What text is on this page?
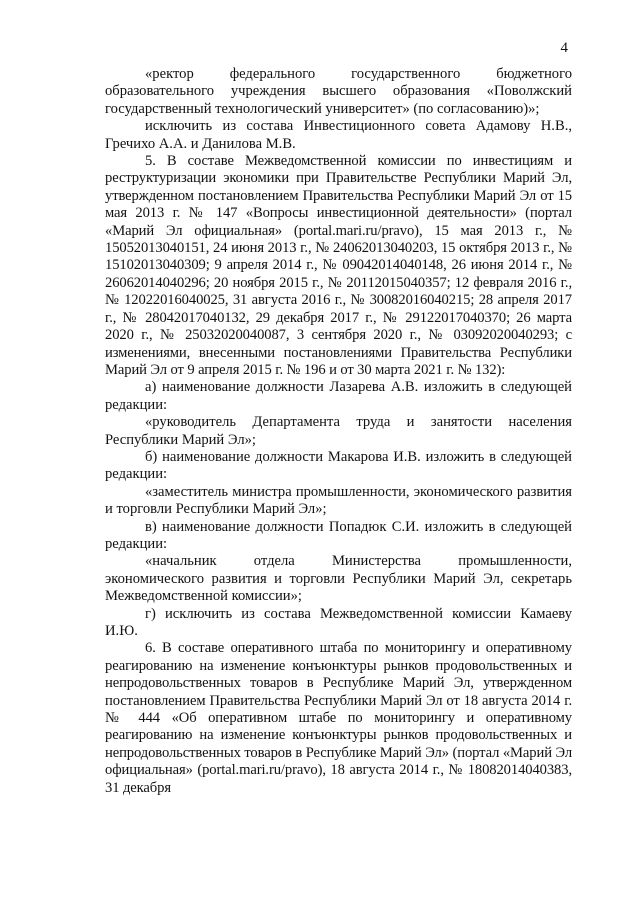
4

«ректор федерального государственного бюджетного образовательного учреждения высшего образования «Поволжский государственный технологический университет» (по согласованию)»;

исключить из состава Инвестиционного совета Адамову Н.В., Гречихо А.А. и Данилова М.В.

5. В составе Межведомственной комиссии по инвестициям и реструктуризации экономики при Правительстве Республики Марий Эл, утвержденном постановлением Правительства Республики Марий Эл от 15 мая 2013 г. № 147 «Вопросы инвестиционной деятельности» (портал «Марий Эл официальная» (portal.mari.ru/pravo), 15 мая 2013 г., № 15052013040151, 24 июня 2013 г., № 24062013040203, 15 октября 2013 г., № 15102013040309; 9 апреля 2014 г., № 09042014040148, 26 июня 2014 г., № 26062014040296; 20 ноября 2015 г., № 20112015040357; 12 февраля 2016 г., № 12022016040025, 31 августа 2016 г., № 30082016040215; 28 апреля 2017 г., № 28042017040132, 29 декабря 2017 г., № 29122017040370; 26 марта 2020 г., № 25032020040087, 3 сентября 2020 г., № 03092020040293; с изменениями, внесенными постановлениями Правительства Республики Марий Эл от 9 апреля 2015 г. № 196 и от 30 марта 2021 г. № 132):

а) наименование должности Лазарева А.В. изложить в следующей редакции:

«руководитель Департамента труда и занятости населения Республики Марий Эл»;

б) наименование должности Макарова И.В. изложить в следующей редакции:

«заместитель министра промышленности, экономического развития и торговли Республики Марий Эл»;

в) наименование должности Попадюк С.И. изложить в следующей редакции:

«начальник отдела Министерства промышленности, экономического развития и торговли Республики Марий Эл, секретарь Межведомственной комиссии»;

г) исключить из состава Межведомственной комиссии Камаеву И.Ю.

6. В составе оперативного штаба по мониторингу и оперативному реагированию на изменение конъюнктуры рынков продовольственных и непродовольственных товаров в Республике Марий Эл, утвержденном постановлением Правительства Республики Марий Эл от 18 августа 2014 г. № 444 «Об оперативном штабе по мониторингу и оперативному реагированию на изменение конъюнктуры рынков продовольственных и непродовольственных товаров в Республике Марий Эл» (портал «Марий Эл официальная» (portal.mari.ru/pravo), 18 августа 2014 г., № 18082014040383, 31 декабря
